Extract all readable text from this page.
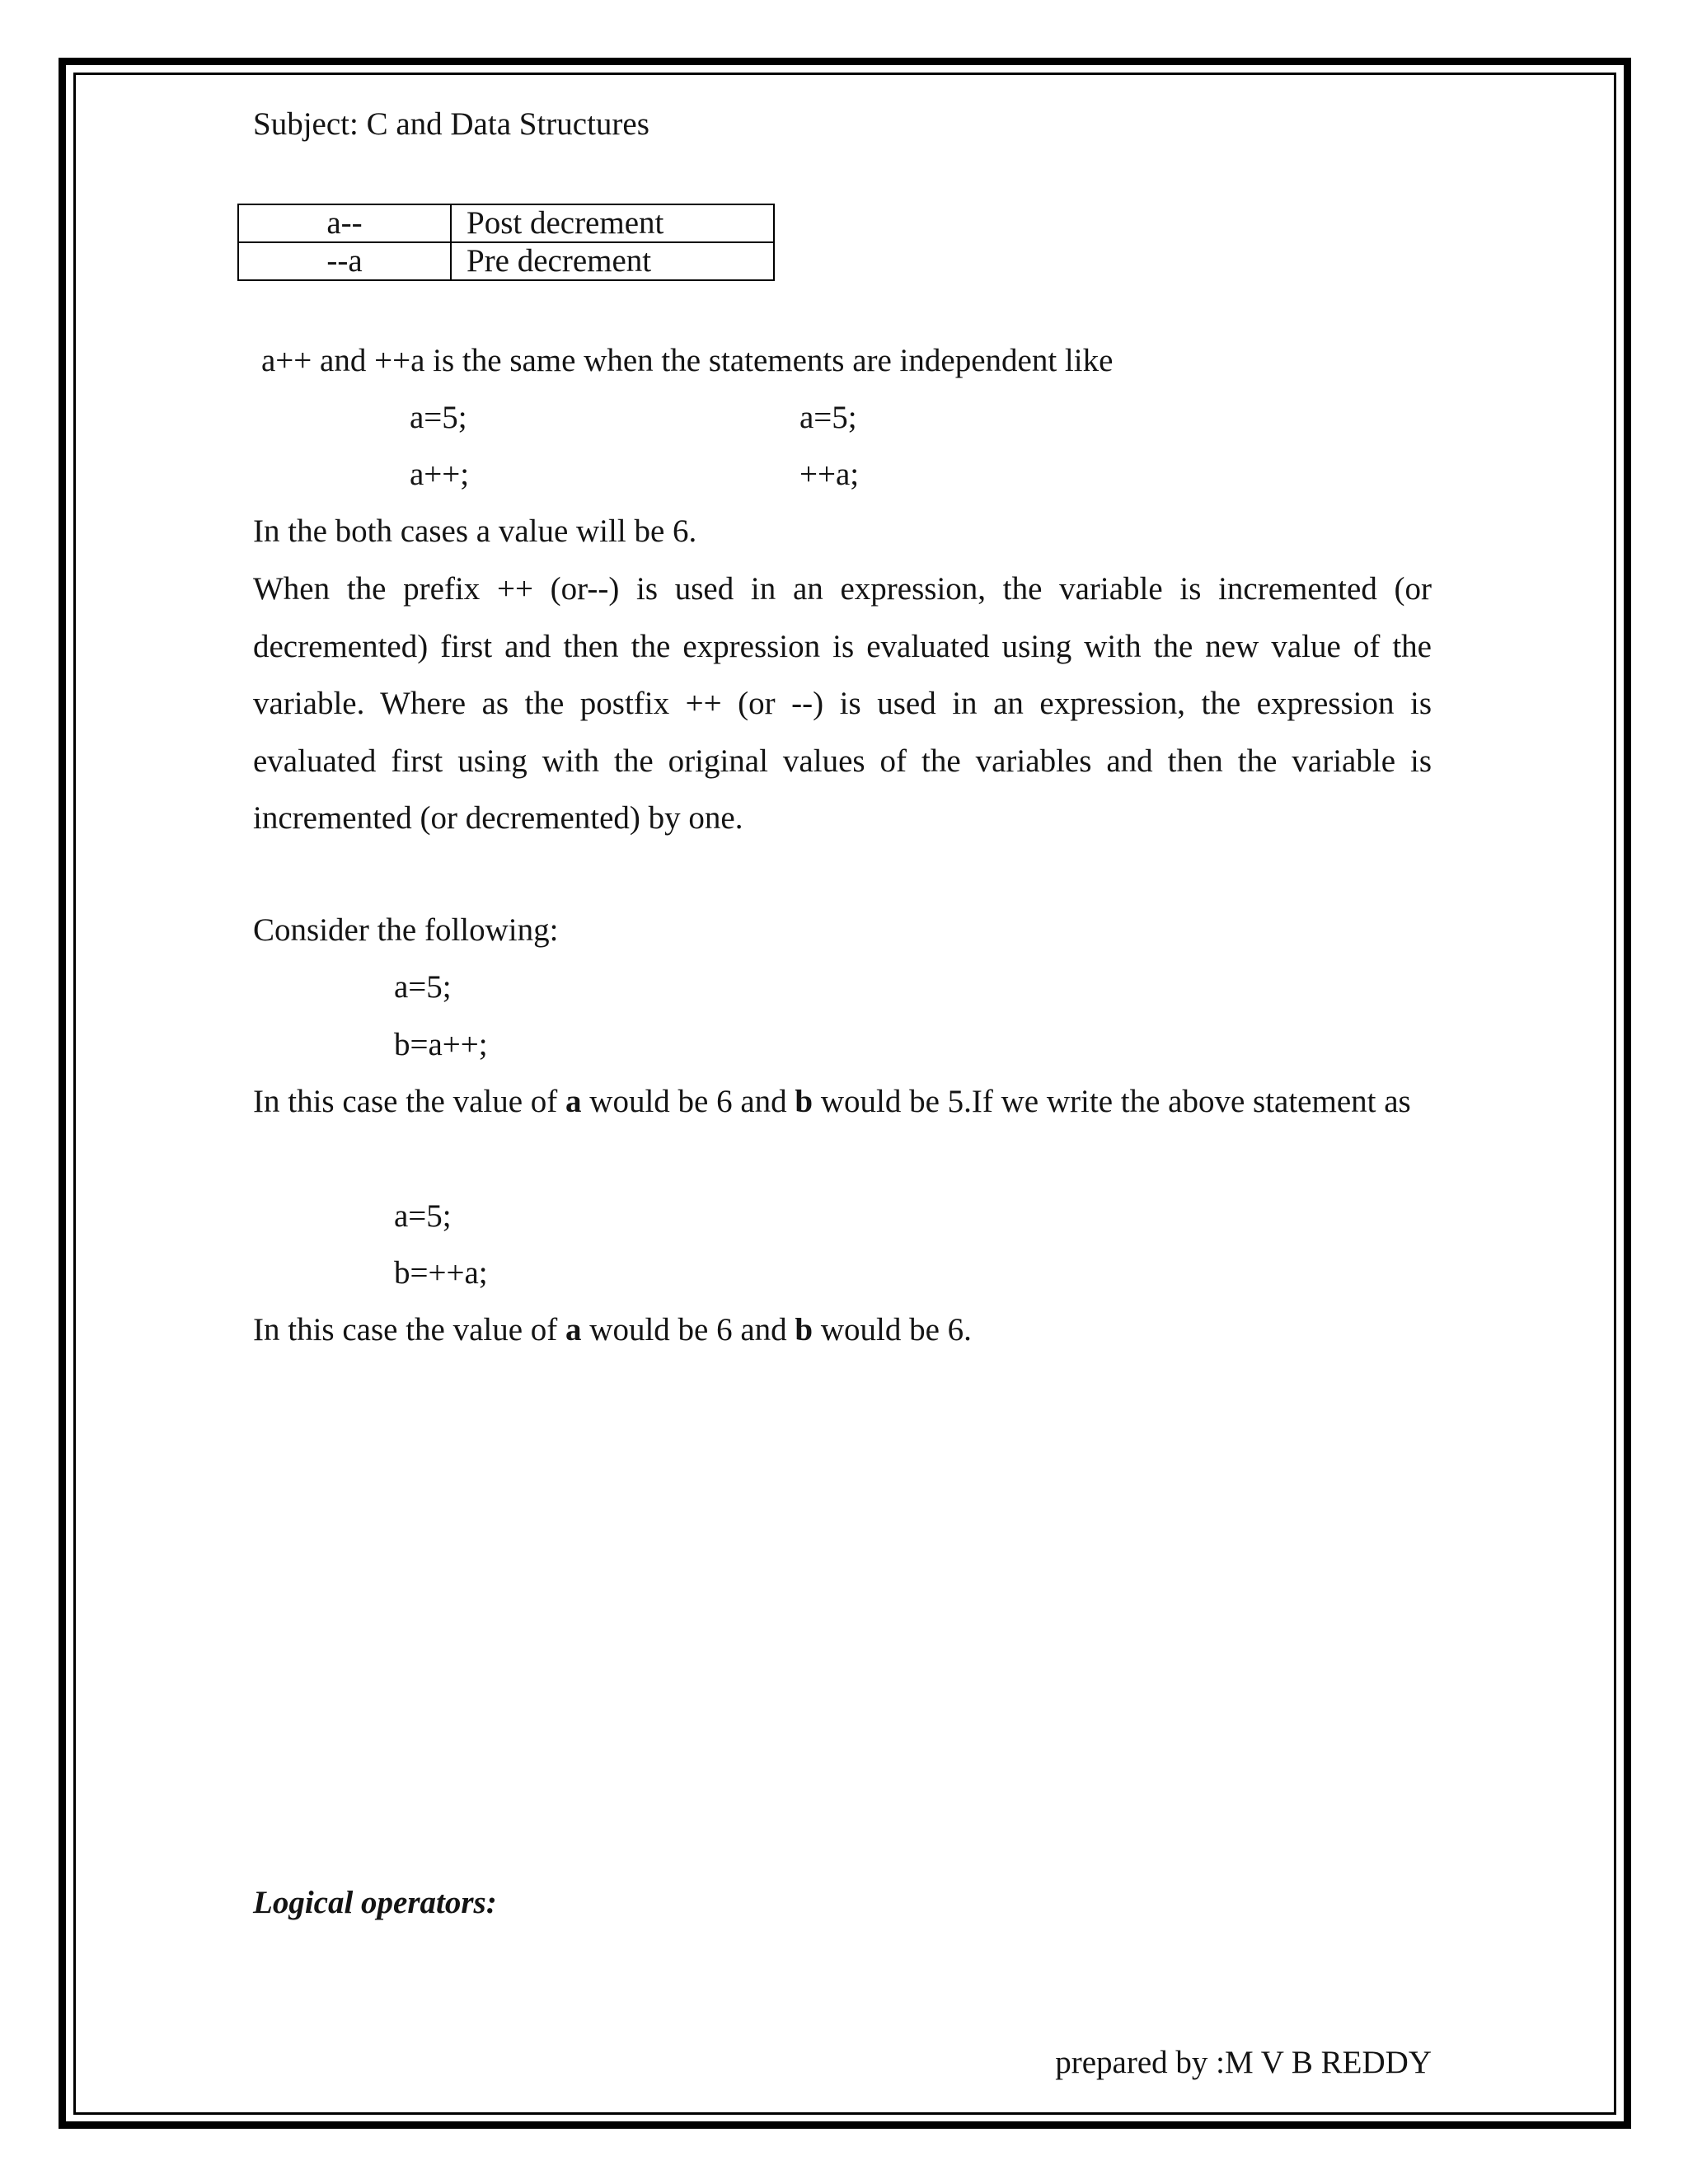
Subject: C and Data Structures
a--	Post decrement
--a	Pre decrement
a++ and ++a is the same when the statements are independent like
a=5;	a=5;
a++;	++a;
In the both cases a value will be 6.
When the prefix ++ (or--) is used in an expression, the variable is incremented (or decremented) first and then the expression is evaluated using with the new value of the variable. Where as the postfix ++ (or --) is used in an expression, the expression is evaluated first using with the original values of the variables and then the variable is incremented (or decremented) by one.
Consider the following:
a=5;
b=a++;
In this case the value of a would be 6 and b would be 5.If we write the above statement as
a=5;
b=++a;
In this case the value of a would be 6 and b would be 6.
Logical operators:
prepared by :M V B REDDY
